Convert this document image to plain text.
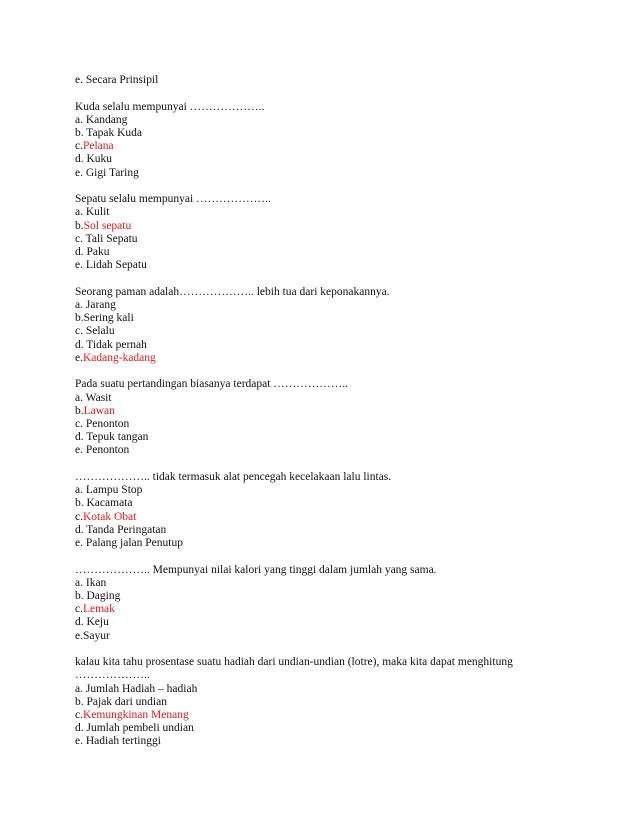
e. Secara Prinsipil
Kuda selalu mempunyai ………………..
a. Kandang
b. Tapak Kuda
c.Pelana
d. Kuku
e. Gigi Taring
Sepatu selalu mempunyai ………………..
a. Kulit
b.Sol sepatu
c. Tali Sepatu
d. Paku
e. Lidah Sepatu
Seorang paman adalah……………….. lebih tua dari keponakannya.
a. Jarang
b.Sering kali
c. Selalu
d. Tidak pernah
e.Kadang-kadang
Pada suatu pertandingan biasanya terdapat ………………..
a. Wasit
b.Lawan
c. Penonton
d. Tepuk tangan
e. Penonton
……………….. tidak termasuk alat pencegah kecelakaan lalu lintas.
a. Lampu Stop
b. Kacamata
c.Kotak Obat
d. Tanda Peringatan
e. Palang jalan Penutup
……………….. Mempunyai nilai kalori yang tinggi dalam jumlah yang sama.
a. Ikan
b. Daging
c.Lemak
d. Keju
e.Sayur
kalau kita tahu prosentase suatu hadiah dari undian-undian (lotre), maka kita dapat menghitung
………………..
a. Jumlah Hadiah – hadiah
b. Pajak dari undian
c.Kemungkinan Menang
d. Jumlah pembeli undian
e. Hadiah tertinggi
